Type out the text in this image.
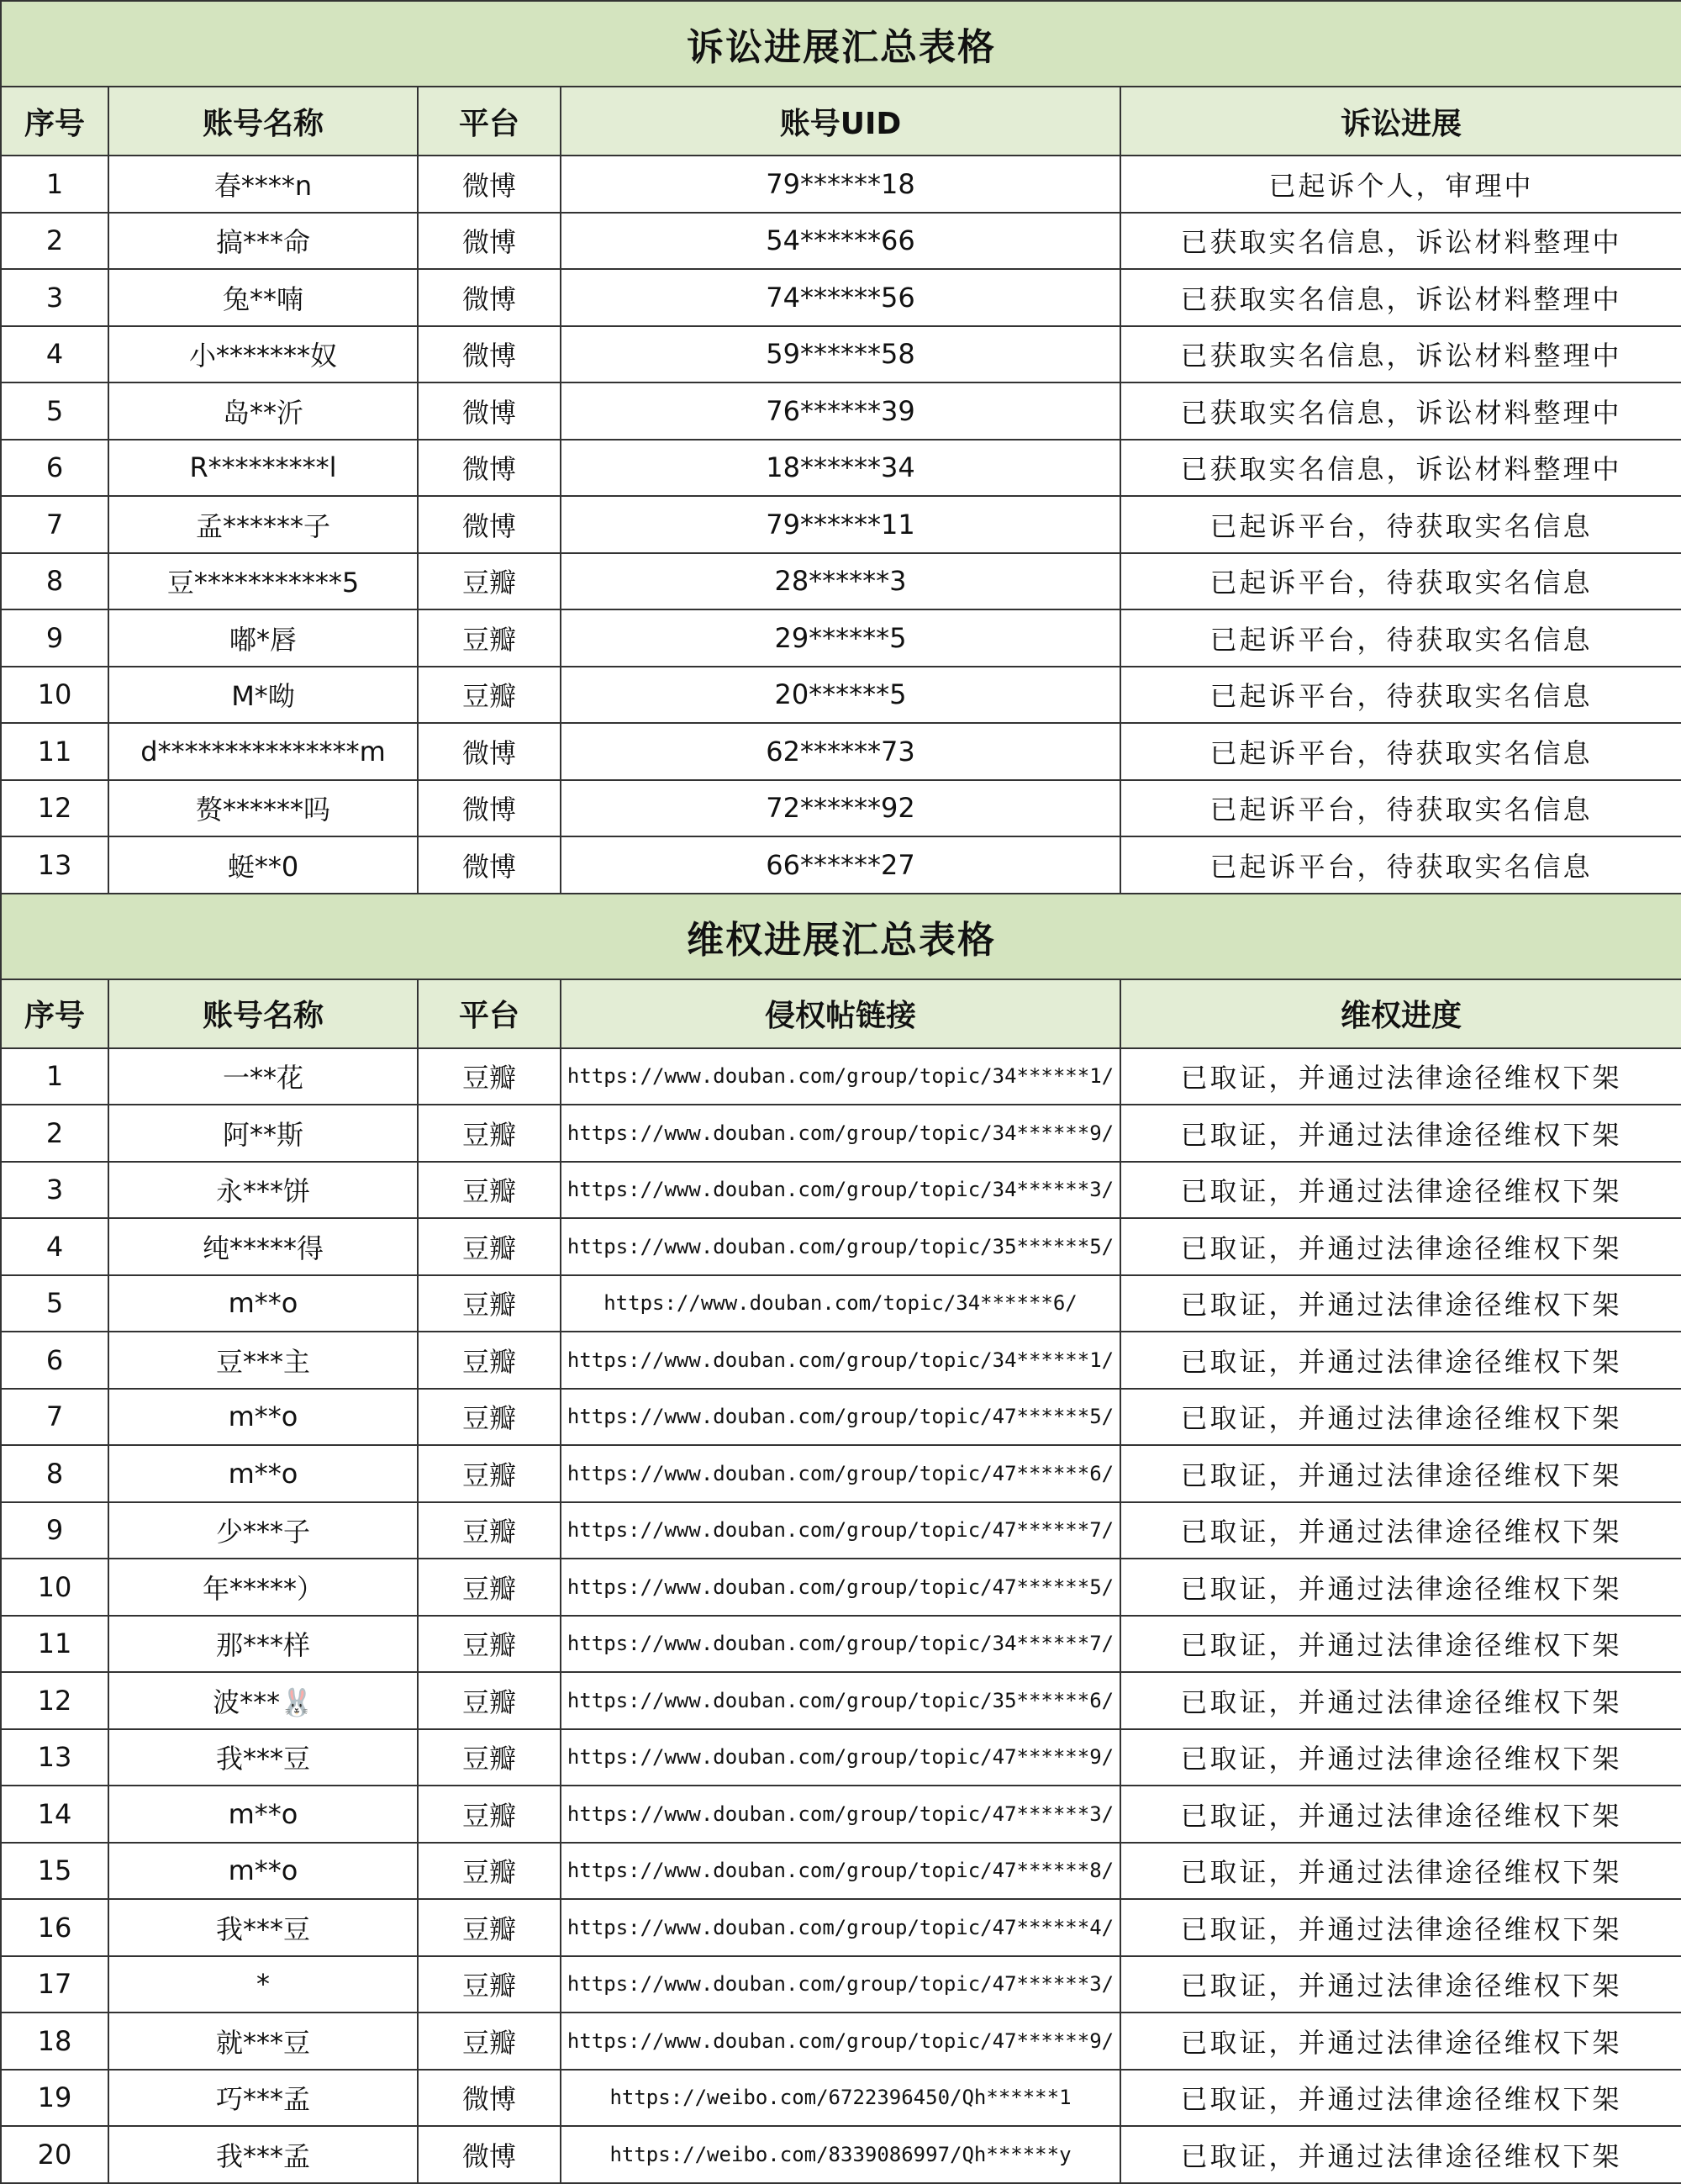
诉讼进展汇总表格				
序号	账号名称	平台	账号UID	诉讼进展
1	春****n	微博	79******18	已起诉个人，审理中
2	搞***命	微博	54******66	已获取实名信息，诉讼材料整理中
3	兔**喃	微博	74******56	已获取实名信息，诉讼材料整理中
4	小*******奴	微博	59******58	已获取实名信息，诉讼材料整理中
5	岛**沂	微博	76******39	已获取实名信息，诉讼材料整理中
6	R*********l	微博	18******34	已获取实名信息，诉讼材料整理中
7	孟******子	微博	79******11	已起诉平台，待获取实名信息
8	豆***********5	豆瓣	28******3	已起诉平台，待获取实名信息
9	嘟*唇	豆瓣	29******5	已起诉平台，待获取实名信息
10	M*呦	豆瓣	20******5	已起诉平台，待获取实名信息
11	d***************m	微博	62******73	已起诉平台，待获取实名信息
12	赘******吗	微博	72******92	已起诉平台，待获取实名信息
13	蜓**0	微博	66******27	已起诉平台，待获取实名信息
维权进展汇总表格				
序号	账号名称	平台	侵权帖链接	维权进度
1	一**花	豆瓣	https://www.douban.com/group/topic/34******1/	已取证，并通过法律途径维权下架
2	阿**斯	豆瓣	https://www.douban.com/group/topic/34******9/	已取证，并通过法律途径维权下架
3	永***饼	豆瓣	https://www.douban.com/group/topic/34******3/	已取证，并通过法律途径维权下架
4	纯*****得	豆瓣	https://www.douban.com/group/topic/35******5/	已取证，并通过法律途径维权下架
5	m**o	豆瓣	https://www.douban.com/topic/34******6/	已取证，并通过法律途径维权下架
6	豆***主	豆瓣	https://www.douban.com/group/topic/34******1/	已取证，并通过法律途径维权下架
7	m**o	豆瓣	https://www.douban.com/group/topic/47******5/	已取证，并通过法律途径维权下架
8	m**o	豆瓣	https://www.douban.com/group/topic/47******6/	已取证，并通过法律途径维权下架
9	少***子	豆瓣	https://www.douban.com/group/topic/47******7/	已取证，并通过法律途径维权下架
10	年*****）	豆瓣	https://www.douban.com/group/topic/47******5/	已取证，并通过法律途径维权下架
11	那***样	豆瓣	https://www.douban.com/group/topic/34******7/	已取证，并通过法律途径维权下架
12	波***🐰	豆瓣	https://www.douban.com/group/topic/35******6/	已取证，并通过法律途径维权下架
13	我***豆	豆瓣	https://www.douban.com/group/topic/47******9/	已取证，并通过法律途径维权下架
14	m**o	豆瓣	https://www.douban.com/group/topic/47******3/	已取证，并通过法律途径维权下架
15	m**o	豆瓣	https://www.douban.com/group/topic/47******8/	已取证，并通过法律途径维权下架
16	我***豆	豆瓣	https://www.douban.com/group/topic/47******4/	已取证，并通过法律途径维权下架
17	*	豆瓣	https://www.douban.com/group/topic/47******3/	已取证，并通过法律途径维权下架
18	就***豆	豆瓣	https://www.douban.com/group/topic/47******9/	已取证，并通过法律途径维权下架
19	巧***孟	微博	https://weibo.com/6722396450/Qh******1	已取证，并通过法律途径维权下架
20	我***孟	微博	https://weibo.com/8339086997/Qh******y	已取证，并通过法律途径维权下架
